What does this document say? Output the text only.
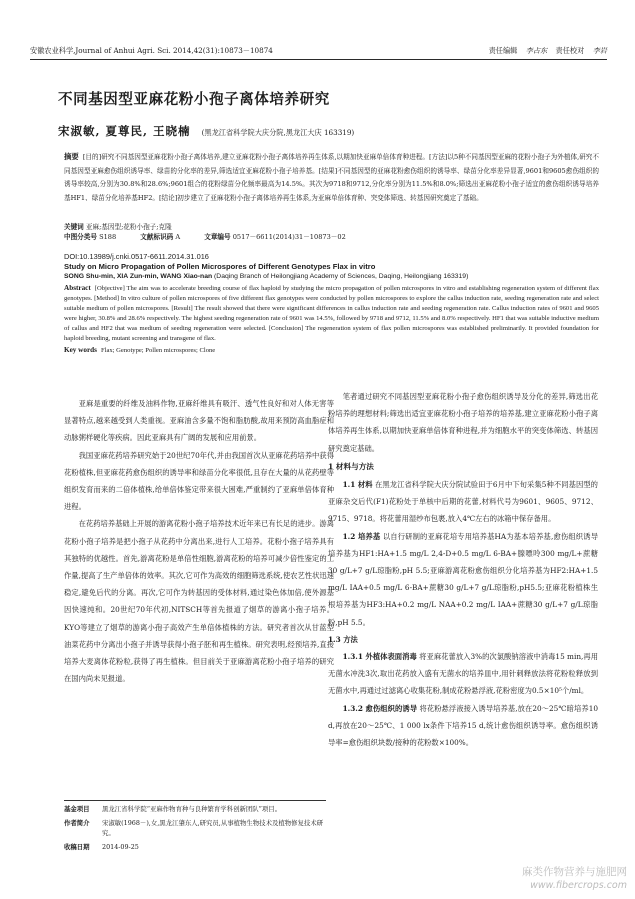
安徽农业科学,Journal of Anhui Agri. Sci. 2014,42(31):10873－10874	责任编辑 李占东 责任校对 李岩
不同基因型亚麻花粉小孢子离体培养研究
宋淑敏, 夏尊民, 王晓楠 (黑龙江省科学院大庆分院,黑龙江大庆 163319)
摘要 [目的]研究不同基因型亚麻花粉小孢子离体培养,建立亚麻花粉小孢子离体培养再生体系,以期加快亚麻单倍体育种进程。[方法]以5种不同基因型亚麻的花粉小孢子为外植体,研究不同基因型亚麻愈伤组织诱导率、绿苗的分化率的差异,筛选适宜亚麻花粉小孢子培养基。[结果]不同基因型的亚麻花粉愈伤组织的诱导率、绿苗分化率差异显著,9601和9605愈伤组织的诱导率较高,分别为30.8%和28.6%;9601组合的花粉绿苗分化频率最高为14.5%。其次为9718和9712,分化率分别为11.5%和8.0%;筛选出亚麻花粉小孢子适宜的愈伤组织诱导培养基HF1、绿苗分化培养基HF2。[结论]初步建立了亚麻花粉小孢子离体培养再生体系,为亚麻单倍体育种、突变体筛选、转基因研究奠定了基础。
关键词 亚麻;基因型;花粉小孢子;克隆
中图分类号 S188	文献标识码 A	文章编号 0517－6611(2014)31－10873－02
DOI:10.13989/j.cnki.0517-6611.2014.31.016
Study on Micro Propagation of Pollen Microspores of Different Genotypes Flax in vitro
SONG Shu-min, XIA Zun-min, WANG Xiao-nan (Daqing Branch of Heilongjiang Academy of Sciences, Daqing, Heilongjiang 163319)
Abstract [Objective] The aim was to accelerate breeding course of flax haploid by studying the micro propagation of pollen microspores in vitro and establishing regeneration system of different flax genotypes. [Method] In vitro culture of pollen microspores of five different flax genotypes were conducted by pollen microspores to explore the callus induction rate, seeding regeneration rate and select suitable medium of pollen microspores. [Result] The result showed that there were significant differences in callus induction rate and seeding regeneration rate. Callus induction rates of 9601 and 9605 were higher, 30.8% and 28.6% respectively. The highest seeding regeneration rate of 9601 was 14.5%, followed by 9718 and 9712, 11.5% and 8.0% respectively. HF1 that was suitable inductive medium of callus and HF2 that was medium of seeding regeneration were selected. [Conclusion] The regeneration system of flax pollen microspores was established preliminarily. It provided foundation for haploid breeding, mutant screening and transgene of flax.
Key words Flax; Genotype; Pollen microspores; Clone

亚麻是重要的纤维及油料作物,亚麻纤维具有吸汗、透气性良好和对人体无害等显著特点,越来越受到人类重视。亚麻油含多量不饱和脂肪酸,故用来预防高血脂症和动脉粥样硬化等疾病。因此亚麻具有广阔的发展和应用前景。

我国亚麻花药培养研究始于20世纪70年代,并由我国首次从亚麻花药培养中获得花粉植株,但亚麻花药愈伤组织的诱导率和绿苗分化率很低,且存在大量的从花药壁等组织发育而来的二倍体植株,给单倍体鉴定带来很大困难,严重制约了亚麻单倍体育种进程。

在花药培养基础上开展的游离花粉小孢子培养技术近年来已有长足的进步。游离花粉小孢子培养是把小孢子从花药中分离出来,进行人工培养。花粉小孢子培养具有其独特的优越性。首先,游离花粉是单倍性细胞,游离花粉的培养可减少倍性鉴定的工作量,提高了生产单倍体的效率。其次,它可作为高效的细胞筛选系统,使农艺性状迅速稳定,避免后代的分离。再次,它可作为转基因的受体材料,通过染色体加倍,使外源基因快速纯和。20世纪70年代初,NITSCH等首先报道了烟草的游离小孢子培养。KYO等建立了烟草的游离小孢子高效产生单倍体植株的方法。研究者首次从甘蓝型油菜花药中分离出小孢子并诱导获得小孢子胚和再生植株。研究表明,经预培养,直接培养大麦离体花粉粒,获得了再生植株。但目前关于亚麻游离花粉小孢子培养的研究在国内尚未见报道。

笔者通过研究不同基因型亚麻花粉小孢子愈伤组织诱导及分化的差异,筛选出花粉培养的理想材料;筛选出适宜亚麻花粉小孢子培养的培养基,建立亚麻花粉小孢子离体培养再生体系,以期加快亚麻单倍体育种进程,并为细胞水平的突变体筛选、转基因研究奠定基础。

1 材料与方法

1.1 材料 在黑龙江省科学院大庆分院试验田于6月中下旬采集5种不同基因型的亚麻杂交后代(F1)花粉处于单核中后期的花蕾,材料代号为9601、9605、9712、9715、9718。将花蕾用湿纱布包裹,放入4℃左右的冰箱中保存备用。

1.2 培养基 以自行研制的亚麻花培专用培养基HA为基本培养基,愈伤组织诱导培养基为HF1:HA+1.5 mg/L 2,4-D+0.5 mg/L 6-BA+腺嘌呤300 mg/L+蔗糖30 g/L+7 g/L琼脂粉,pH 5.5;亚麻游离花粉愈伤组织分化培养基为HF2:HA+1.5 mg/L IAA+0.5 mg/L 6-BA+蔗糖30 g/L+7 g/L琼脂粉,pH5.5;亚麻花粉植株生根培养基为HF3:HA+0.2 mg/L NAA+0.2 mg/L IAA+蔗糖30 g/L+7 g/L琼脂粉,pH 5.5。

1.3 方法

1.3.1 外植体表面消毒 将亚麻花蕾放入3%的次氯酸钠溶液中消毒15 min,再用无菌水冲洗3次,取出花药放入盛有无菌水的培养皿中,用针刺释放法将花粉粒释放到无菌水中,再通过过滤离心收集花粉,制成花粉悬浮液,花粉密度为0.5×10⁵个/ml。

1.3.2 愈伤组织的诱导 将花粉悬浮液接入诱导培养基,放在20～25℃暗培养10 d,再放在20～25℃、1 000 lx条件下培养15 d,统计愈伤组织诱导率。愈伤组织诱导率=愈伤组织块数/接种的花粉数×100%。

基金项目	黑龙江省科学院“亚麻作物育种与良种繁育学科创新团队”项目。
作者简介	宋淑敏(1968－),女,黑龙江肇东人,研究员,从事植物生物技术及植物修复技术研究。
收稿日期	2014-09-25
麻类作物营养与施肥网
www.fibercrops.com
